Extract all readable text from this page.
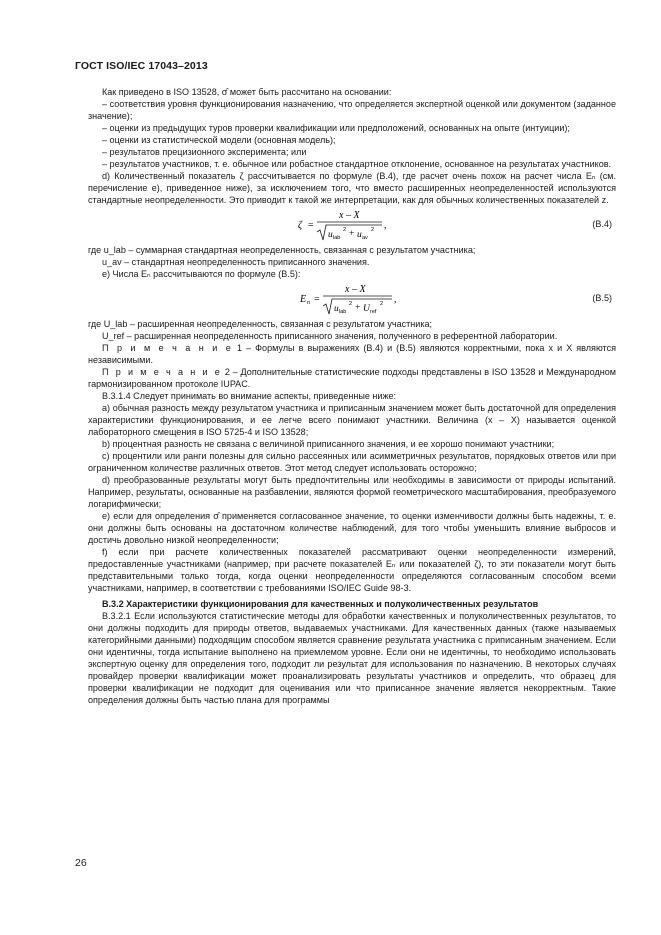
ГОСТ ISO/IEC 17043–2013

Как приведено в ISO 13528, σ̂ может быть рассчитано на основании:

– соответствия уровня функционирования назначению, что определяется экспертной оценкой или документом (заданное значение);

– оценки из предыдущих туров проверки квалификации или предположений, основанных на опыте (интуиции);

– оценки из статистической модели (основная модель);

– результатов прецизионного эксперимента; или

– результатов участников, т. е. обычное или робастное стандартное отклонение, основанное на результатах участников.

d) Количественный показатель ζ рассчитывается по формуле (В.4), где расчет очень похож на расчет числа Eₙ (см. перечисление е), приведенное ниже), за исключением того, что вместо расширенных неопределенностей используются стандартные неопределенности. Это приводит к такой же интерпретации, как для обычных количественных показателей z.

ζ =
x – X
u lab
2 + u av
2 ,	(В.4)

где u_lab – суммарная стандартная неопределенность, связанная с результатом участника;

u_av – стандартная неопределенность приписанного значения.

е) Числа Eₙ рассчитываются по формуле (В.5):

E n =
x – X
u lab
2 + U ref
2 ,	(В.5)

где U_lab – расширенная неопределенность, связанная с результатом участника;

U_ref – расширенная неопределенность приписанного значения, полученного в референтной лаборатории.

П р и м е ч а н и е 1 – Формулы в выражениях (В.4) и (В.5) являются корректными, пока x и X являются независимыми.

П р и м е ч а н и е 2 – Дополнительные статистические подходы представлены в ISO 13528 и Международном гармонизированном протоколе IUPAC.

В.3.1.4 Следует принимать во внимание аспекты, приведенные ниже:

а) обычная разность между результатом участника и приписанным значением может быть достаточной для определения характеристики функционирования, и ее легче всего понимают участники. Величина (x – X) называется оценкой лабораторного смещения в ISO 5725-4 и ISO 13528;

b) процентная разность не связана с величиной приписанного значения, и ее хорошо понимают участники;

c) процентили или ранги полезны для сильно рассеянных или асимметричных результатов, порядковых ответов или при ограниченном количестве различных ответов. Этот метод следует использовать осторожно;

d) преобразованные результаты могут быть предпочтительны или необходимы в зависимости от природы испытаний. Например, результаты, основанные на разбавлении, являются формой геометрического масштабирования, преобразуемого логарифмически;

е) если для определения σ̂ применяется согласованное значение, то оценки изменчивости должны быть надежны, т. е. они должны быть основаны на достаточном количестве наблюдений, для того чтобы уменьшить влияние выбросов и достичь довольно низкой неопределенности;

f) если при расчете количественных показателей рассматривают оценки неопределенности измерений, предоставленные участниками (например, при расчете показателей Eₙ или показателей ζ), то эти показатели могут быть представительными только тогда, когда оценки неопределенности определяются согласованным способом всеми участниками, например, в соответствии с требованиями ISO/IEC Guide 98-3.

В.3.2 Характеристики функционирования для качественных и полуколичественных результатов

В.3.2.1 Если используются статистические методы для обработки качественных и полуколичественных результатов, то они должны подходить для природы ответов, выдаваемых участниками. Для качественных данных (также называемых категорийными данными) подходящим способом является сравнение результата участника с приписанным значением. Если они идентичны, тогда испытание выполнено на приемлемом уровне. Если они не идентичны, то необходимо использовать экспертную оценку для определения того, подходит ли результат для использования по назначению. В некоторых случаях провайдер проверки квалификации может проанализировать результаты участников и определить, что образец для проверки квалификации не подходит для оценивания или что приписанное значение является некорректным. Такие определения должны быть частью плана для программы

26
